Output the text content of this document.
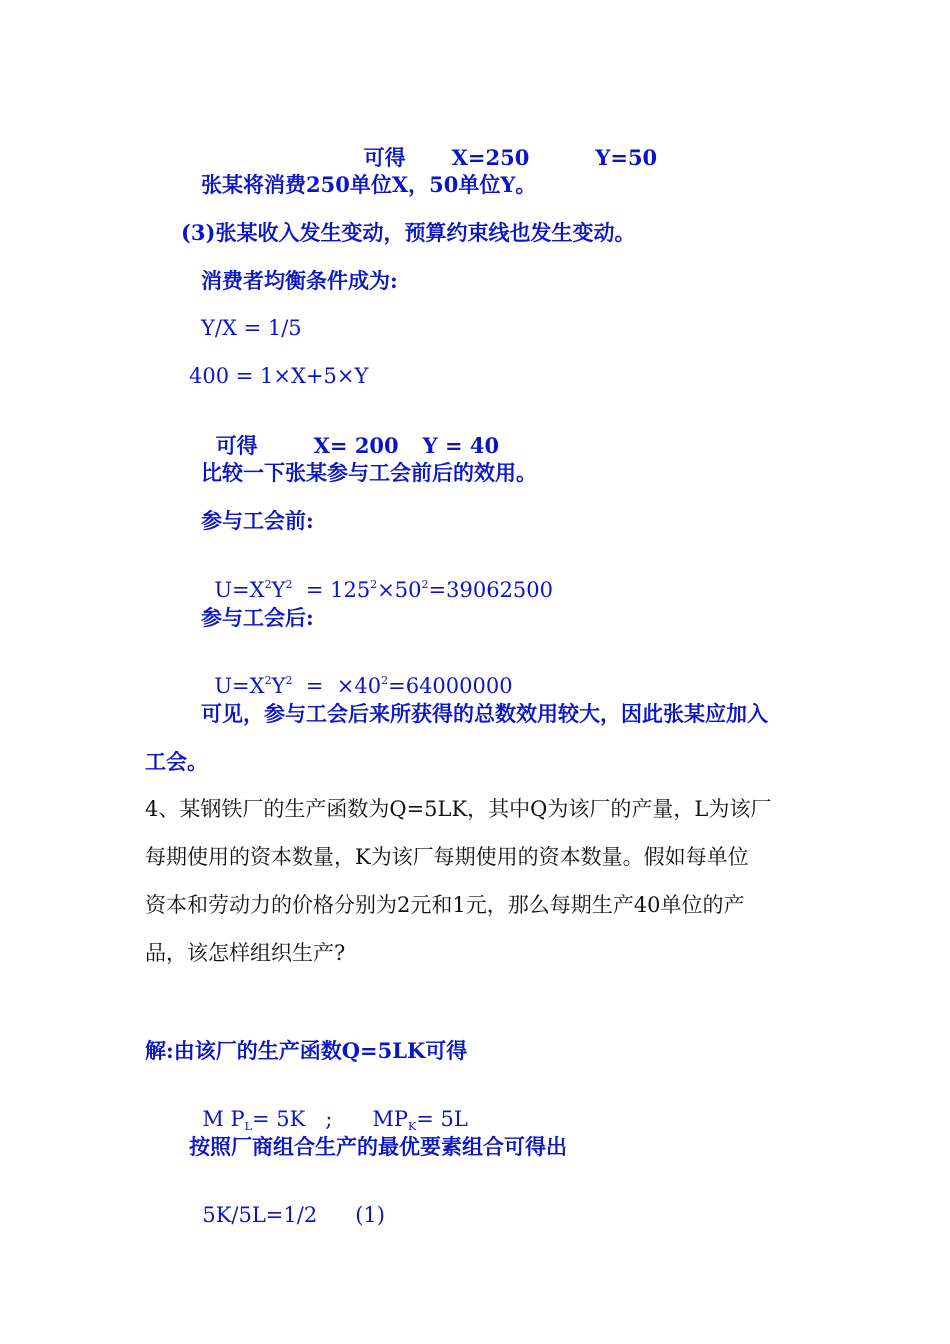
可得 X=250	Y=50

张某将消费250单位X，50单位Y。
(3)张某收入发生变动，预算约束线也发生变动。
消费者均衡条件成为:
Y/X = 1/5
400 = 1×X+5×Y

可得	X= 200 Y = 40

比较一下张某参与工会前后的效用。
参与工会前:

$U=X^2Y^2 = 125^2\times 50^2=39062500$

参与工会后:

$U=X^2Y^2 = \times 40^2=64000000$

可见，参与工会后来所获得的总数效用较大，因此张某应加入
工会。
4、某钢铁厂的生产函数为Q=5LK，其中Q为该厂的产量，L为该厂
每期使用的资本数量，K为该厂每期使用的资本数量。假如每单位
资本和劳动力的价格分别为2元和1元，那么每期生产40单位的产
品，该怎样组织生产?
解:由该厂的生产函数Q=5LK可得

M $P_L= 5K$ ; $MP_K= 5L$

按照厂商组合生产的最优要素组合可得出

5K/5L=1/2 (1)
